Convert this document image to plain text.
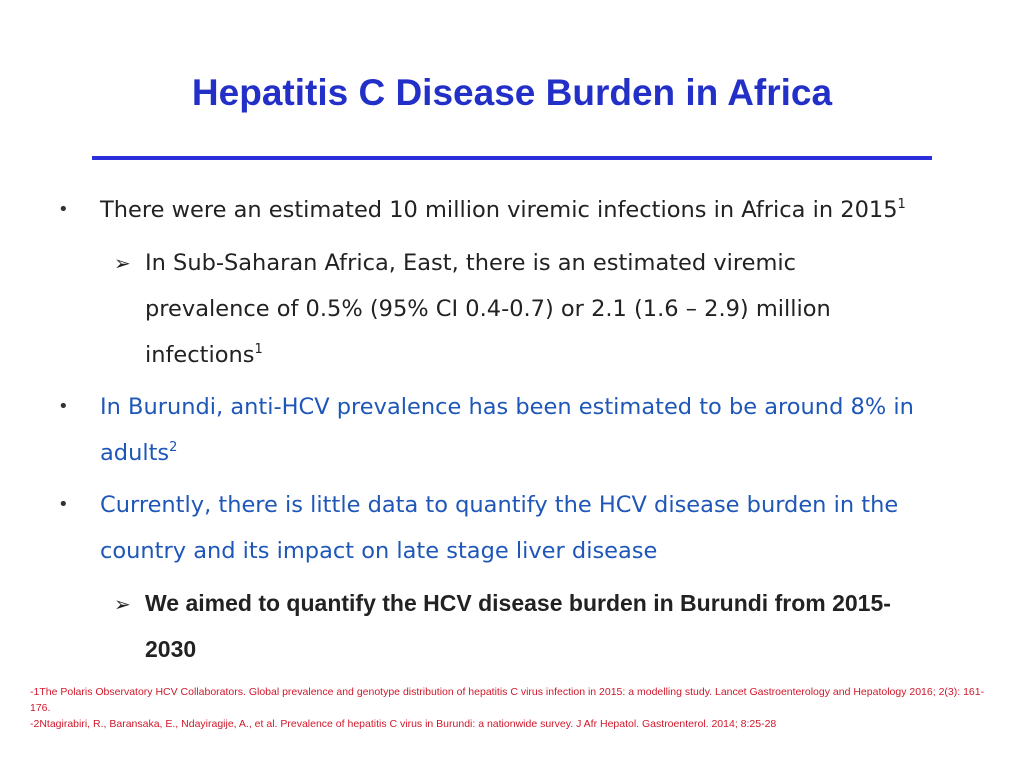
Hepatitis C Disease Burden in Africa
• There were an estimated 10 million viremic infections in Africa in 2015$^1$
➢ In Sub-Saharan Africa, East, there is an estimated viremic prevalence of 0.5% (95% CI 0.4-0.7) or 2.1 (1.6 – 2.9) million infections$^1$
• In Burundi, anti-HCV prevalence has been estimated to be around 8% in adults$^2$
• Currently, there is little data to quantify the HCV disease burden in the country and its impact on late stage liver disease
➢ We aimed to quantify the HCV disease burden in Burundi from 2015-2030
-1The Polaris Observatory HCV Collaborators. Global prevalence and genotype distribution of hepatitis C virus infection in 2015: a modelling study. Lancet Gastroenterology and Hepatology 2016; 2(3): 161-176.
-2Ntagirabiri, R., Baransaka, E., Ndayiragije, A., et al. Prevalence of hepatitis C virus in Burundi: a nationwide survey. J Afr Hepatol. Gastroenterol. 2014; 8:25-28
